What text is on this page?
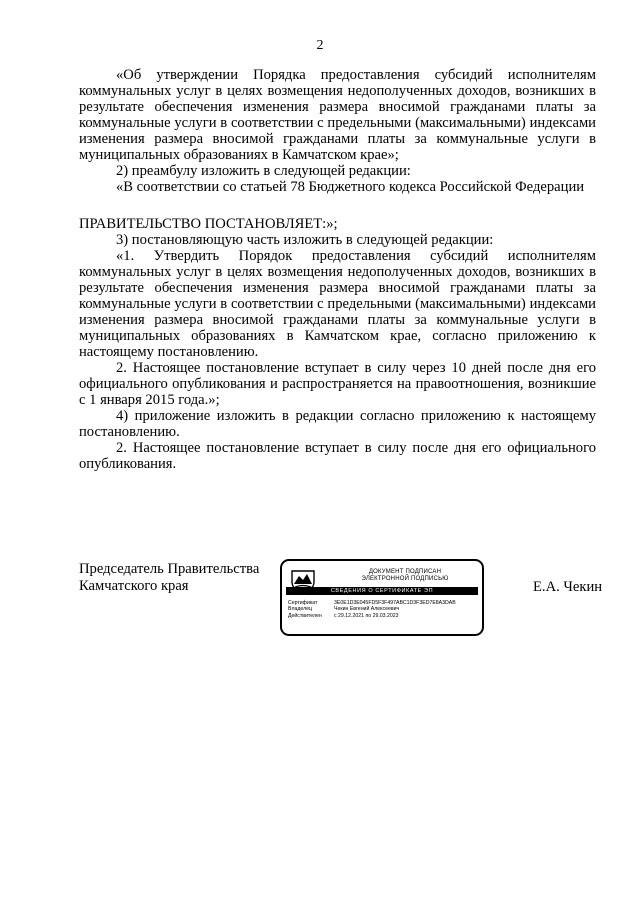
2

«Об утверждении Порядка предоставления субсидий исполнителям коммунальных услуг в целях возмещения недополученных доходов, возникших в результате обеспечения изменения размера вносимой гражданами платы за коммунальные услуги в соответствии с предельными (максимальными) индексами изменения размера вносимой гражданами платы за коммунальные услуги в муниципальных образованиях в Камчатском крае»;

2) преамбулу изложить в следующей редакции:

«В соответствии со статьей 78 Бюджетного кодекса Российской Федерации

ПРАВИТЕЛЬСТВО ПОСТАНОВЛЯЕТ:»;

3) постановляющую часть изложить в следующей редакции:

«1. Утвердить Порядок предоставления субсидий исполнителям коммунальных услуг в целях возмещения недополученных доходов, возникших в результате обеспечения изменения размера вносимой гражданами платы за коммунальные услуги в соответствии с предельными (максимальными) индексами изменения размера вносимой гражданами платы за коммунальные услуги в муниципальных образованиях в Камчатском крае, согласно приложению к настоящему постановлению.

2. Настоящее постановление вступает в силу через 10 дней после дня его официального опубликования и распространяется на правоотношения, возникшие с 1 января 2015 года.»;

4) приложение изложить в редакции согласно приложению к настоящему постановлению.

2. Настоящее постановление вступает в силу после дня его официального опубликования.

Председатель Правительства
Камчатского края
ДОКУМЕНТ ПОДПИСАН
ЭЛЕКТРОННОЙ ПОДПИСЬЮ
СВЕДЕНИЯ О СЕРТИФИКАТЕ ЭП
Сертификат	3E0E1D3E045FD5F3F497ABC1D3F3ED7E8A3DAB
Владелец	Чекин Евгений Алексеевич
Действителен	с 29.12.2021 по 29.03.2023
Е.А. Чекин
